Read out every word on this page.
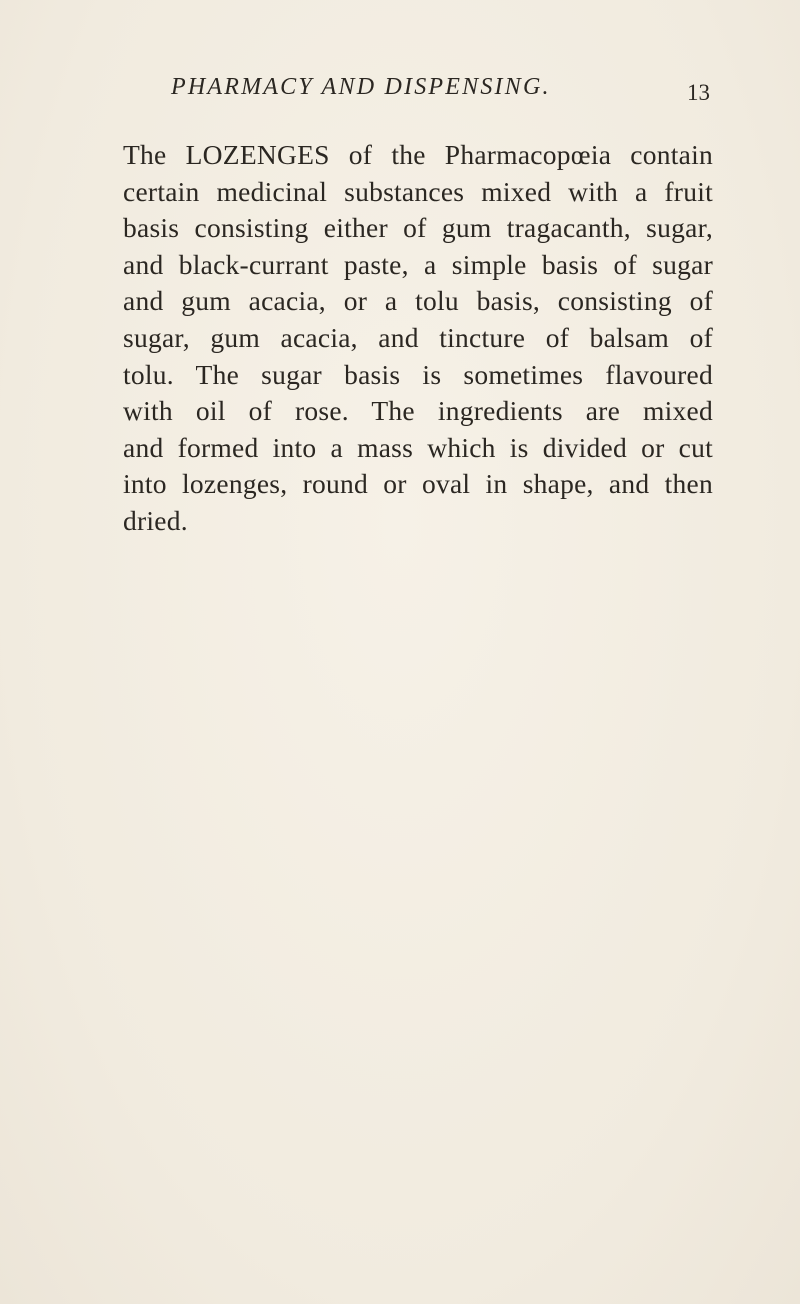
PHARMACY AND DISPENSING.	13
The LOZENGES of the Pharmacopœia contain
certain medicinal substances mixed with a fruit
basis consisting either of gum tragacanth, sugar,
and black-currant paste, a simple basis of sugar
and gum acacia, or a tolu basis, consisting of
sugar, gum acacia, and tincture of balsam of
tolu. The sugar basis is sometimes flavoured
with oil of rose. The ingredients are mixed
and formed into a mass which is divided or cut
into lozenges, round or oval in shape, and then
dried.
